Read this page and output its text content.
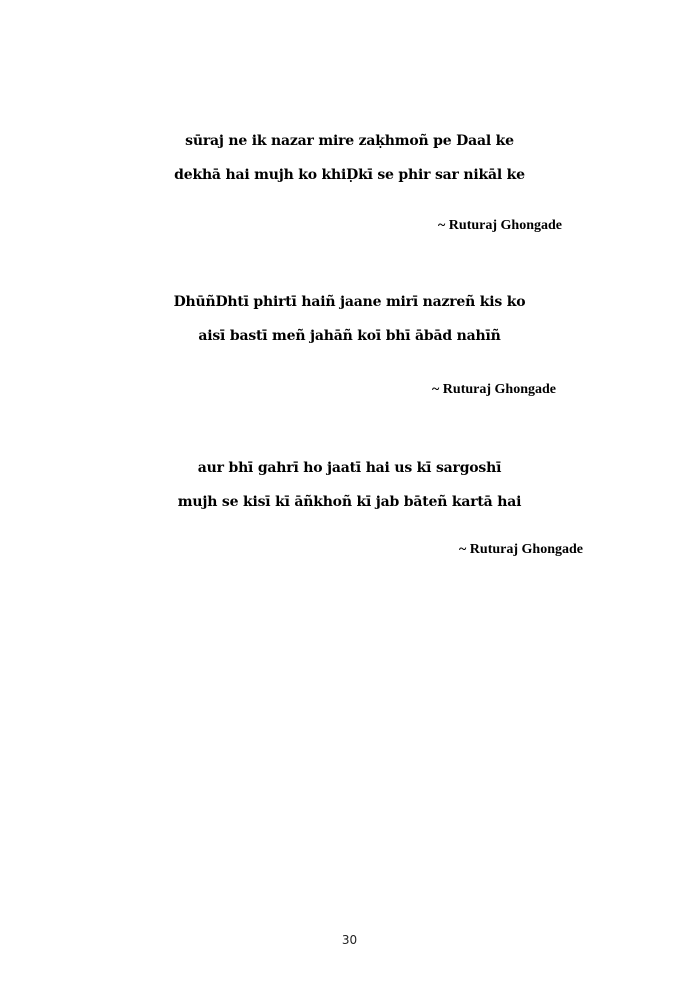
sūraj ne ik nazar mire zaḳhmoñ pe Daal ke
dekhā hai mujh ko khiḌkī se phir sar nikāl ke
~ Ruturaj Ghongade
DhūñDhtī phirtī haiñ jaane mirī nazreñ kis ko
aisī bastī meñ jahāñ koī bhī ābād nahīñ
~ Ruturaj Ghongade
aur bhī gahrī ho jaatī hai us kī sargoshī
mujh se kisī kī āñkhoñ kī jab bāteñ kartā hai
~ Ruturaj Ghongade
30
